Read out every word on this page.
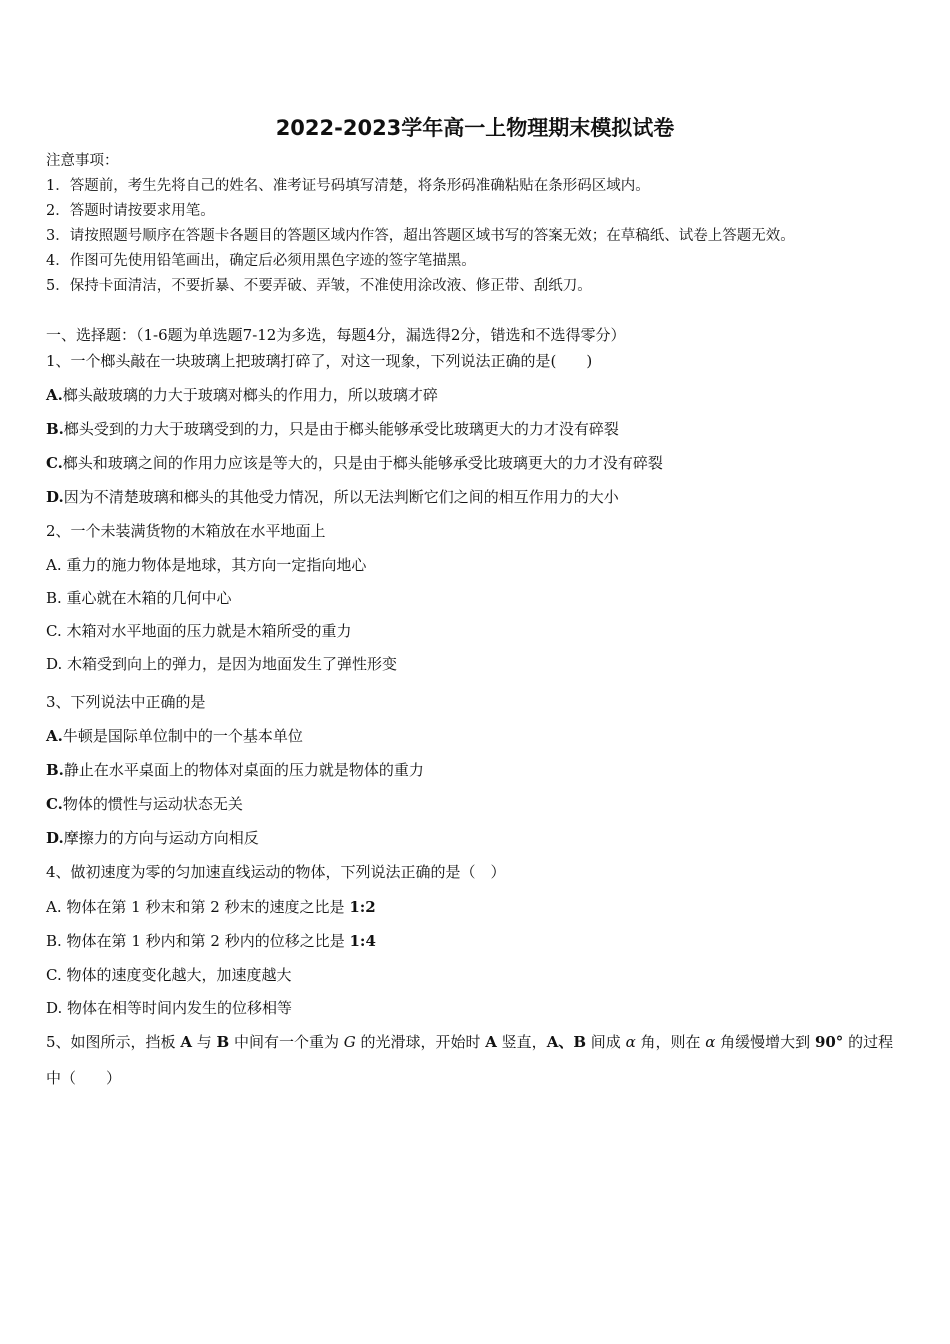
2022-2023学年高一上物理期末模拟试卷
注意事项：
1．答题前，考生先将自己的姓名、准考证号码填写清楚，将条形码准确粘贴在条形码区域内。
2．答题时请按要求用笔。
3．请按照题号顺序在答题卡各题目的答题区域内作答，超出答题区域书写的答案无效；在草稿纸、试卷上答题无效。
4．作图可先使用铅笔画出，确定后必须用黑色字迹的签字笔描黑。
5．保持卡面清洁，不要折暴、不要弄破、弄皱，不准使用涂改液、修正带、刮纸刀。
一、选择题：（1-6题为单选题7-12为多选，每题4分，漏选得2分，错选和不选得零分）
1、一个榔头敲在一块玻璃上把玻璃打碎了，对这一现象，下列说法正确的是(　　)
A.榔头敲玻璃的力大于玻璃对榔头的作用力，所以玻璃才碎
B.榔头受到的力大于玻璃受到的力，只是由于榔头能够承受比玻璃更大的力才没有碎裂
C.榔头和玻璃之间的作用力应该是等大的，只是由于榔头能够承受比玻璃更大的力才没有碎裂
D.因为不清楚玻璃和榔头的其他受力情况，所以无法判断它们之间的相互作用力的大小
2、一个未装满货物的木箱放在水平地面上
A. 重力的施力物体是地球，其方向一定指向地心
B. 重心就在木箱的几何中心
C. 木箱对水平地面的压力就是木箱所受的重力
D. 木箱受到向上的弹力，是因为地面发生了弹性形变
3、下列说法中正确的是
A.牛顿是国际单位制中的一个基本单位
B.静止在水平桌面上的物体对桌面的压力就是物体的重力
C.物体的惯性与运动状态无关
D.摩擦力的方向与运动方向相反
4、做初速度为零的匀加速直线运动的物体，下列说法正确的是（　）
A. 物体在第 1 秒末和第 2 秒末的速度之比是 1:2
B. 物体在第 1 秒内和第 2 秒内的位移之比是 1:4
C. 物体的速度变化越大，加速度越大
D. 物体在相等时间内发生的位移相等
5、如图所示，挡板 A 与 B 中间有一个重为 G 的光滑球，开始时 A 竖直，A、B 间成 α 角，则在 α 角缓慢增大到 90° 的过程
中（　　）
